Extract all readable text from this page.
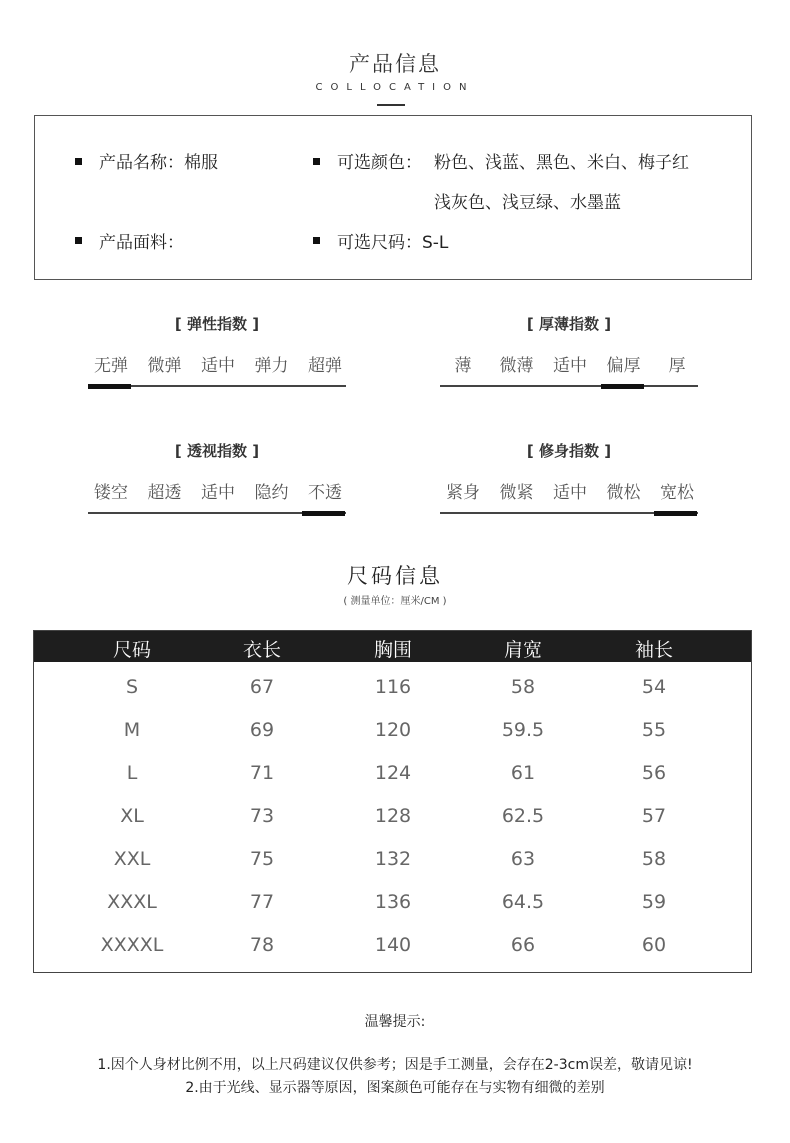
产品信息
COLLOCATION
产品名称：棉服	可选颜色： 粉色、浅蓝、黑色、米白、梅子红
浅灰色、浅豆绿、水墨蓝
产品面料：	可选尺码：S-L
[ 弹性指数 ]
无弹	微弹	适中	弹力	超弹
[ 厚薄指数 ]
薄	微薄	适中	偏厚	厚
[ 透视指数 ]
镂空	超透	适中	隐约	不透
[ 修身指数 ]
紧身	微紧	适中	微松	宽松
尺码信息
( 测量单位：厘米/CM )
尺码	衣长	胸围	肩宽	袖长
S	67	116	58	54
M	69	120	59.5	55
L	71	124	61	56
XL	73	128	62.5	57
XXL	75	132	63	58
XXXL	77	136	64.5	59
XXXXL	78	140	66	60
温馨提示:
1.因个人身材比例不用，以上尺码建议仅供参考；因是手工测量，会存在2-3cm误差，敬请见谅!
2.由于光线、显示器等原因，图案颜色可能存在与实物有细微的差别
